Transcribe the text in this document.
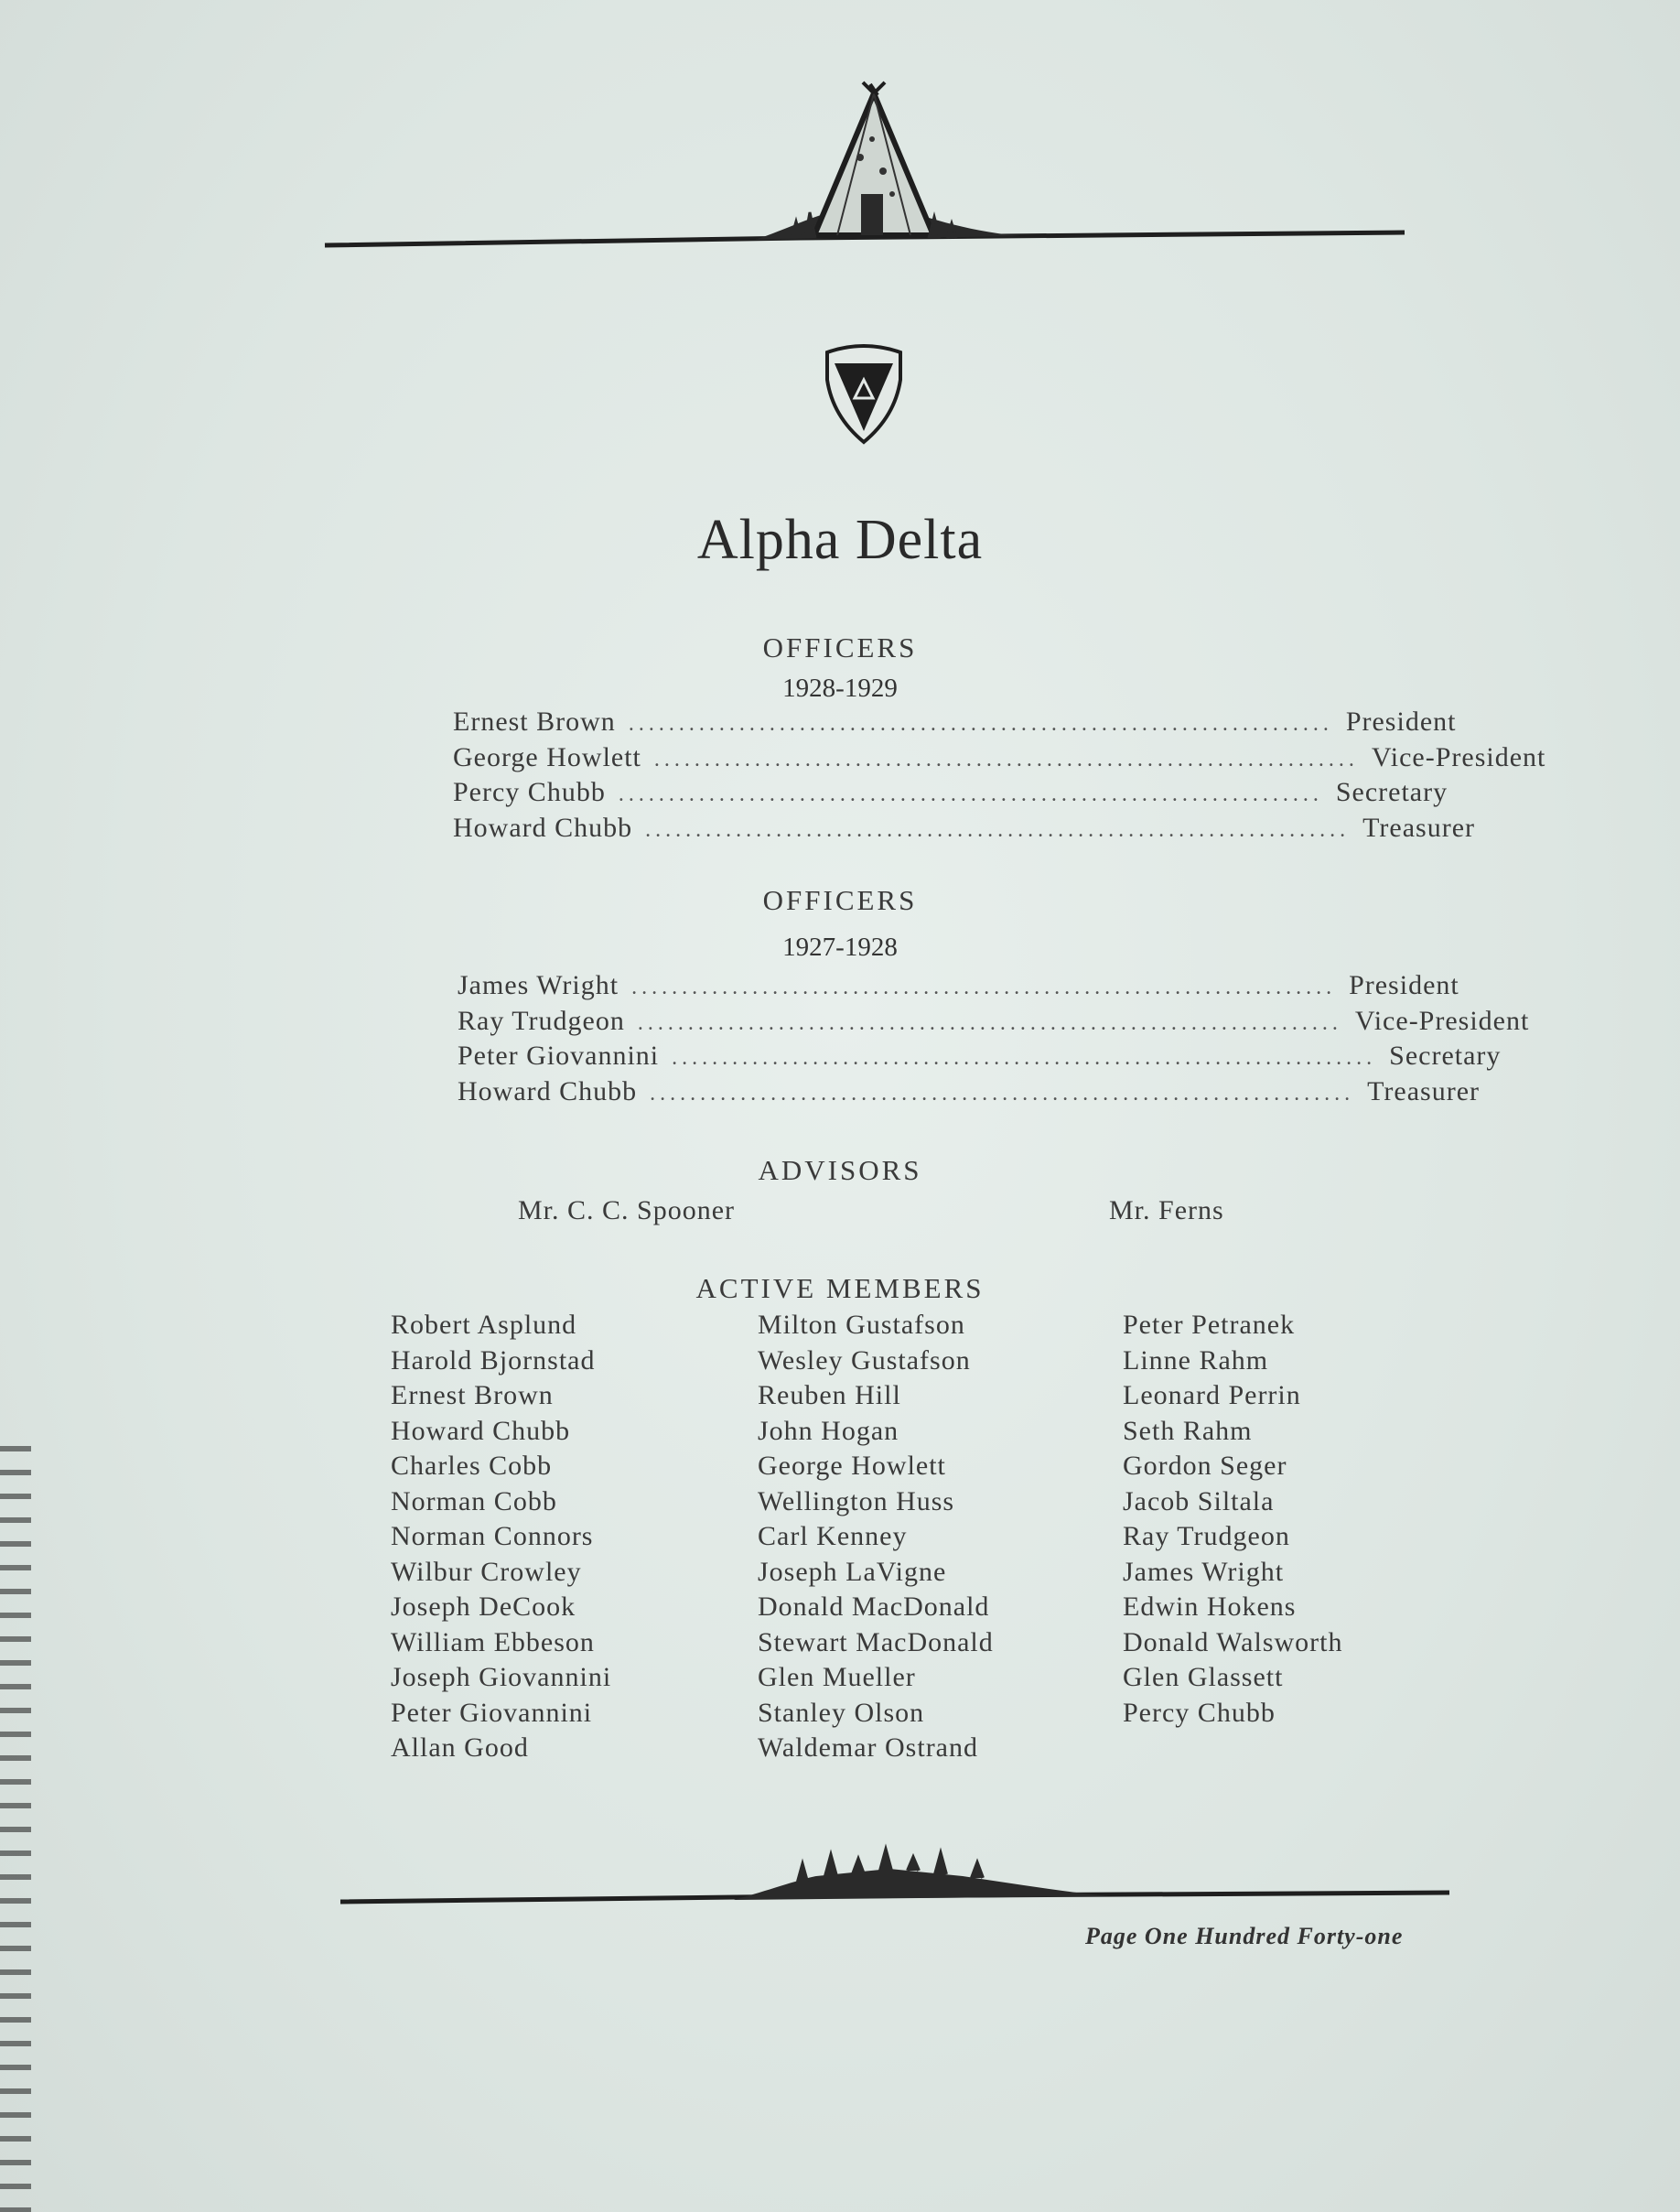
Alpha Delta
OFFICERS
1928-1929
Ernest Brown ...................................................................... President
George Howlett ...................................................................... Vice-President
Percy Chubb ...................................................................... Secretary
Howard Chubb ...................................................................... Treasurer
OFFICERS
1927-1928
James Wright ...................................................................... President
Ray Trudgeon ...................................................................... Vice-President
Peter Giovannini ...................................................................... Secretary
Howard Chubb ...................................................................... Treasurer
ADVISORS
Mr. C. C. Spooner	Mr. Ferns
ACTIVE MEMBERS
Robert Asplund
Harold Bjornstad
Ernest Brown
Howard Chubb
Charles Cobb
Norman Cobb
Norman Connors
Wilbur Crowley
Joseph DeCook
William Ebbeson
Joseph Giovannini
Peter Giovannini
Allan Good
Milton Gustafson
Wesley Gustafson
Reuben Hill
John Hogan
George Howlett
Wellington Huss
Carl Kenney
Joseph LaVigne
Donald MacDonald
Stewart MacDonald
Glen Mueller
Stanley Olson
Waldemar Ostrand
Peter Petranek
Linne Rahm
Leonard Perrin
Seth Rahm
Gordon Seger
Jacob Siltala
Ray Trudgeon
James Wright
Edwin Hokens
Donald Walsworth
Glen Glassett
Percy Chubb
Page One Hundred Forty-one
